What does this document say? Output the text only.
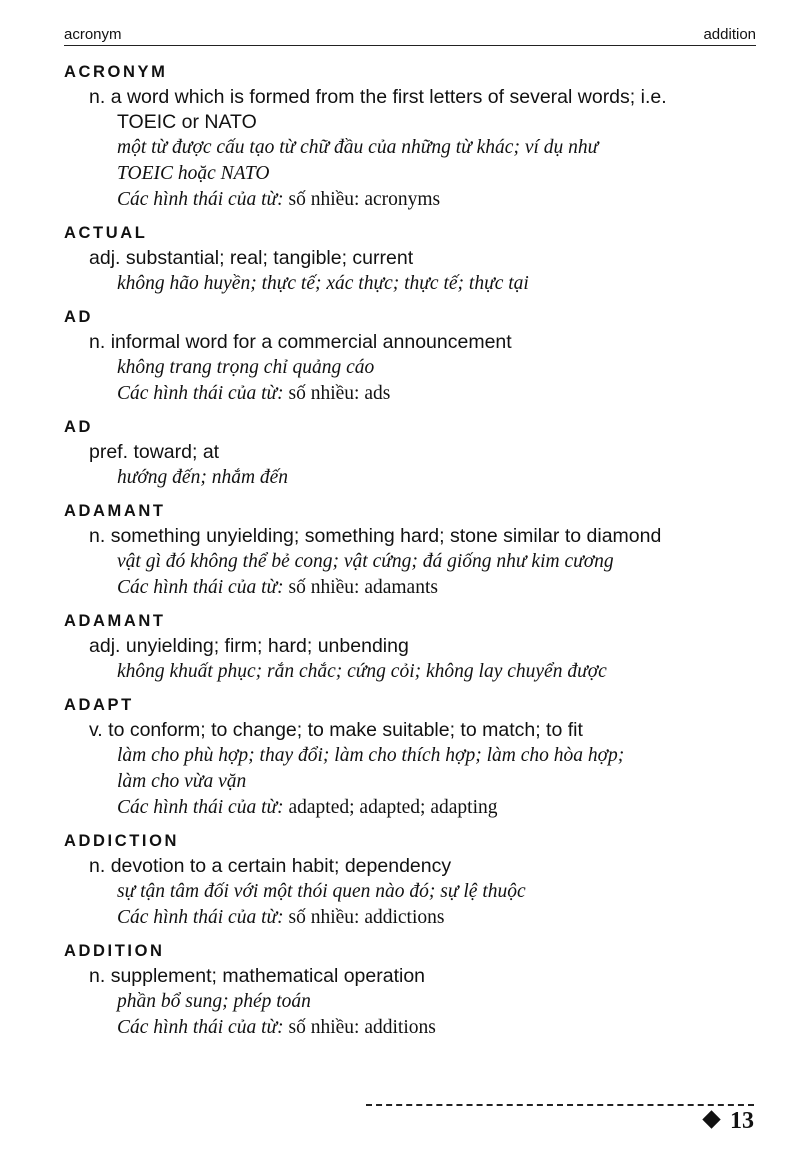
acronym	addition
ACRONYM
n. a word which is formed from the first letters of several words; i.e.
TOEIC or NATO
một từ được cấu tạo từ chữ đầu của những từ khác; ví dụ như
TOEIC hoặc NATO
Các hình thái của từ: số nhiều: acronyms
ACTUAL
adj. substantial; real; tangible; current
không hão huyền; thực tế; xác thực; thực tế; thực tại
AD
n. informal word for a commercial announcement
không trang trọng chỉ quảng cáo
Các hình thái của từ: số nhiều: ads
AD
pref. toward; at
hướng đến; nhắm đến
ADAMANT
n. something unyielding; something hard; stone similar to diamond
vật gì đó không thể bẻ cong; vật cứng; đá giống như kim cương
Các hình thái của từ: số nhiều: adamants
ADAMANT
adj. unyielding; firm; hard; unbending
không khuất phục; rắn chắc; cứng cỏi; không lay chuyển được
ADAPT
v. to conform; to change; to make suitable; to match; to fit
làm cho phù hợp; thay đổi; làm cho thích hợp; làm cho hòa hợp;
làm cho vừa vặn
Các hình thái của từ: adapted; adapted; adapting
ADDICTION
n. devotion to a certain habit; dependency
sự tận tâm đối với một thói quen nào đó; sự lệ thuộc
Các hình thái của từ: số nhiều: addictions
ADDITION
n. supplement; mathematical operation
phần bổ sung; phép toán
Các hình thái của từ: số nhiều: additions
13
